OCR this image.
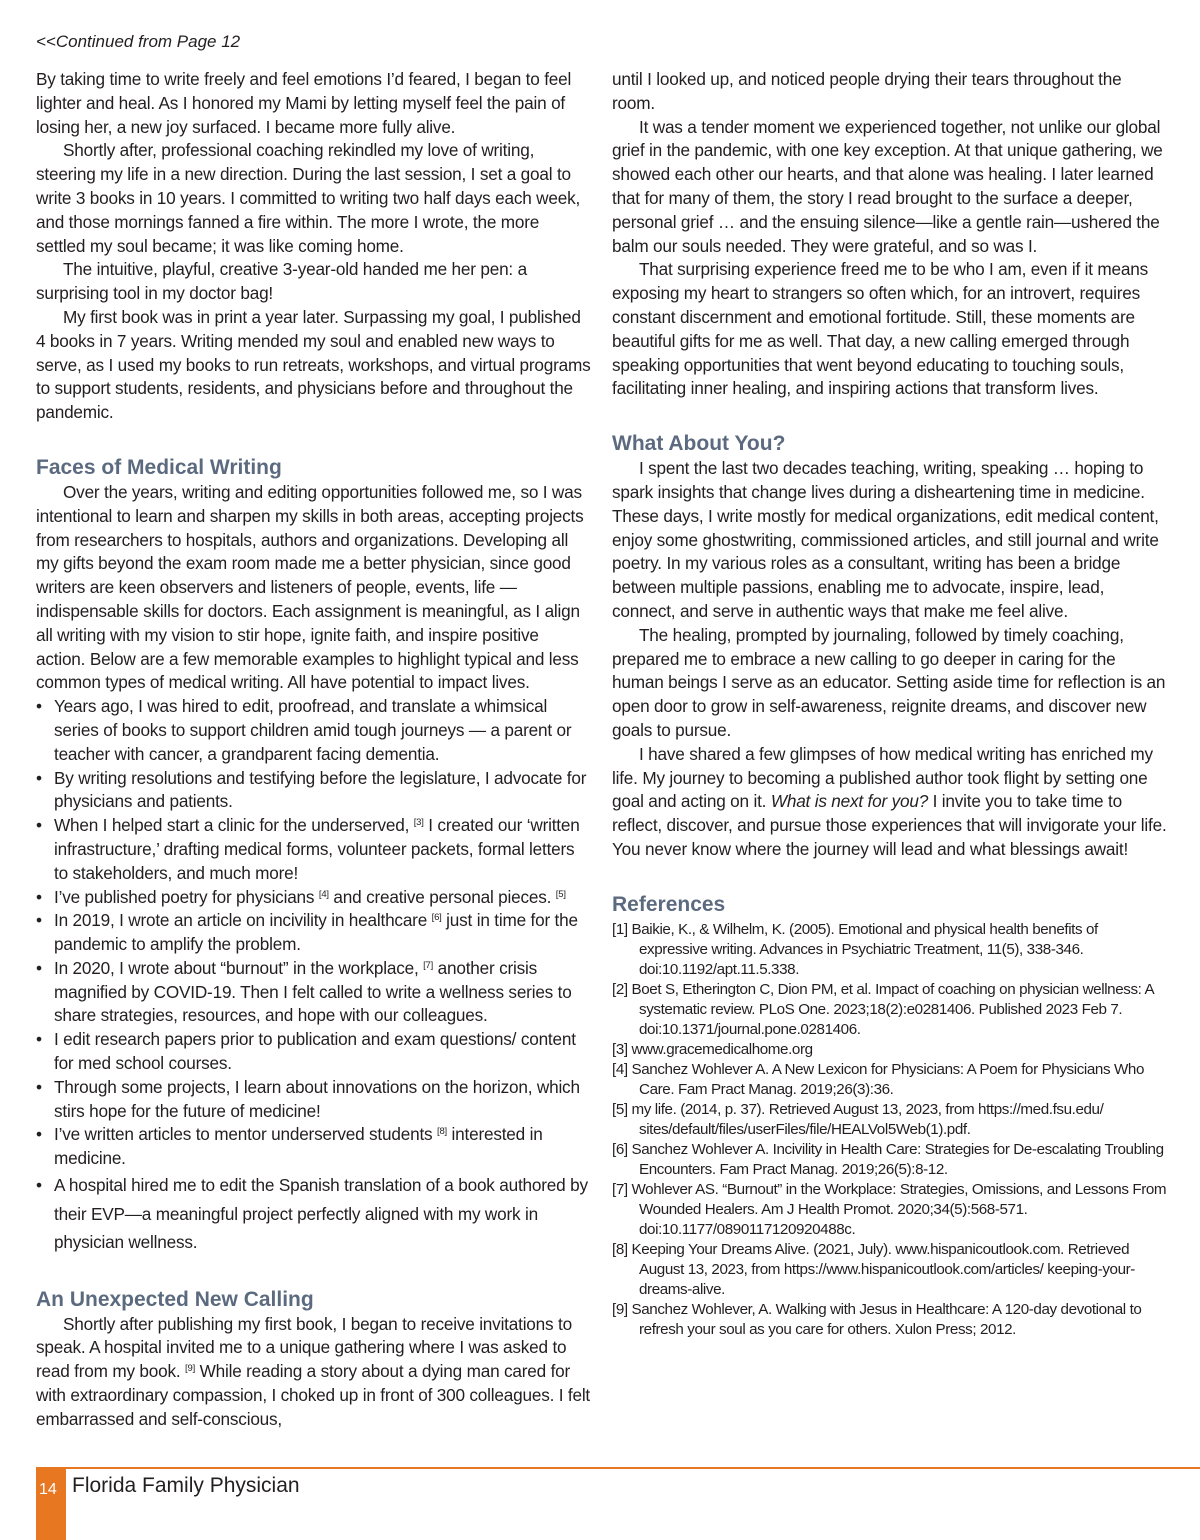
<<Continued from Page 12

By taking time to write freely and feel emotions I’d feared, I began to feel lighter and heal. As I honored my Mami by letting myself feel the pain of losing her, a new joy surfaced. I became more fully alive.

Shortly after, professional coaching rekindled my love of writing, steering my life in a new direction. During the last session, I set a goal to write 3 books in 10 years. I committed to writing two half days each week, and those mornings fanned a fire within. The more I wrote, the more settled my soul became; it was like coming home.

The intuitive, playful, creative 3-year-old handed me her pen: a surprising tool in my doctor bag!

My first book was in print a year later. Surpassing my goal, I published 4 books in 7 years. Writing mended my soul and enabled new ways to serve, as I used my books to run retreats, workshops, and virtual programs to support students, residents, and physicians before and throughout the pandemic.

Faces of Medical Writing

Over the years, writing and editing opportunities followed me, so I was intentional to learn and sharpen my skills in both areas, accepting projects from researchers to hospitals, authors and organizations. Developing all my gifts beyond the exam room made me a better physician, since good writers are keen observers and listeners of people, events, life — indispensable skills for doctors. Each assignment is meaningful, as I align all writing with my vision to stir hope, ignite faith, and inspire positive action. Below are a few memorable examples to highlight typical and less common types of medical writing. All have potential to impact lives.

• Years ago, I was hired to edit, proofread, and translate a whimsical series of books to support children amid tough journeys — a parent or teacher with cancer, a grandparent facing dementia.
• By writing resolutions and testifying before the legislature, I advocate for physicians and patients.
• When I helped start a clinic for the underserved, [3] I created our ‘written infrastructure,’ drafting medical forms, volunteer packets, formal letters to stakeholders, and much more!
• I’ve published poetry for physicians [4] and creative personal pieces. [5]
• In 2019, I wrote an article on incivility in healthcare [6] just in time for the pandemic to amplify the problem.
• In 2020, I wrote about “burnout” in the workplace, [7] another crisis magnified by COVID-19. Then I felt called to write a wellness series to share strategies, resources, and hope with our colleagues.
• I edit research papers prior to publication and exam questions/ content for med school courses.
• Through some projects, I learn about innovations on the horizon, which stirs hope for the future of medicine!
• I’ve written articles to mentor underserved students [8] interested in medicine.
• A hospital hired me to edit the Spanish translation of a book authored by their EVP—a meaningful project perfectly aligned with my work in physician wellness.
An Unexpected New Calling

Shortly after publishing my first book, I began to receive invitations to speak. A hospital invited me to a unique gathering where I was asked to read from my book. [9] While reading a story about a dying man cared for with extraordinary compassion, I choked up in front of 300 colleagues. I felt embarrassed and self-conscious,

until I looked up, and noticed people drying their tears throughout the room.

It was a tender moment we experienced together, not unlike our global grief in the pandemic, with one key exception. At that unique gathering, we showed each other our hearts, and that alone was healing. I later learned that for many of them, the story I read brought to the surface a deeper, personal grief … and the ensuing silence—like a gentle rain—ushered the balm our souls needed. They were grateful, and so was I.

That surprising experience freed me to be who I am, even if it means exposing my heart to strangers so often which, for an introvert, requires constant discernment and emotional fortitude. Still, these moments are beautiful gifts for me as well. That day, a new calling emerged through speaking opportunities that went beyond educating to touching souls, facilitating inner healing, and inspiring actions that transform lives.

What About You?

I spent the last two decades teaching, writing, speaking … hoping to spark insights that change lives during a disheartening time in medicine. These days, I write mostly for medical organizations, edit medical content, enjoy some ghostwriting, commissioned articles, and still journal and write poetry. In my various roles as a consultant, writing has been a bridge between multiple passions, enabling me to advocate, inspire, lead, connect, and serve in authentic ways that make me feel alive.

The healing, prompted by journaling, followed by timely coaching, prepared me to embrace a new calling to go deeper in caring for the human beings I serve as an educator. Setting aside time for reflection is an open door to grow in self-awareness, reignite dreams, and discover new goals to pursue.

I have shared a few glimpses of how medical writing has enriched my life. My journey to becoming a published author took flight by setting one goal and acting on it. What is next for you? I invite you to take time to reflect, discover, and pursue those experiences that will invigorate your life. You never know where the journey will lead and what blessings await!

References
[1] Baikie, K., & Wilhelm, K. (2005). Emotional and physical health benefits of expressive writing. Advances in Psychiatric Treatment, 11(5), 338-346. doi:10.1192/apt.11.5.338.
[2] Boet S, Etherington C, Dion PM, et al. Impact of coaching on physician wellness: A systematic review. PLoS One. 2023;18(2):e0281406. Published 2023 Feb 7. doi:10.1371/journal.pone.0281406.
[3] www.gracemedicalhome.org
[4] Sanchez Wohlever A. A New Lexicon for Physicians: A Poem for Physicians Who Care. Fam Pract Manag. 2019;26(3):36.
[5] my life. (2014, p. 37). Retrieved August 13, 2023, from https://med.fsu.edu/ sites/default/files/userFiles/file/HEALVol5Web(1).pdf.
[6] Sanchez Wohlever A. Incivility in Health Care: Strategies for De-escalating Troubling Encounters. Fam Pract Manag. 2019;26(5):8-12.
[7] Wohlever AS. “Burnout” in the Workplace: Strategies, Omissions, and Lessons From Wounded Healers. Am J Health Promot. 2020;34(5):568-571. doi:10.1177/0890117120920488c.
[8] Keeping Your Dreams Alive. (2021, July). www.hispanicoutlook.com. Retrieved August 13, 2023, from https://www.hispanicoutlook.com/articles/ keeping-your-dreams-alive.
[9] Sanchez Wohlever, A. Walking with Jesus in Healthcare: A 120-day devotional to refresh your soul as you care for others. Xulon Press; 2012.
14 Florida Family Physician
